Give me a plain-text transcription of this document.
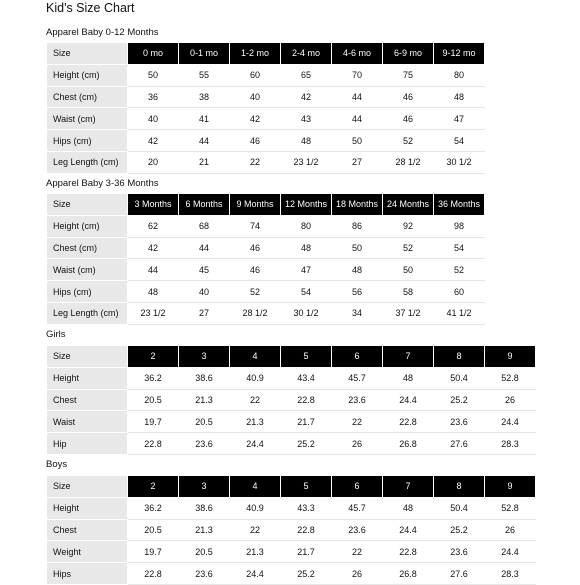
Kid's Size Chart
Apparel Baby 0-12 Months
Size	0 mo	0-1 mo	1-2 mo	2-4 mo	4-6 mo	6-9 mo	9-12 mo
Height (cm)	50	55	60	65	70	75	80
Chest (cm)	36	38	40	42	44	46	48
Waist (cm)	40	41	42	43	44	46	47
Hips (cm)	42	44	46	48	50	52	54
Leg Length (cm)	20	21	22	23 1/2	27	28 1/2	30 1/2
Apparel Baby 3-36 Months
Size	3 Months	6 Months	9 Months	12 Months	18 Months	24 Months	36 Months
Height (cm)	62	68	74	80	86	92	98
Chest (cm)	42	44	46	48	50	52	54
Waist (cm)	44	45	46	47	48	50	52
Hips (cm)	48	40	52	54	56	58	60
Leg Length (cm)	23 1/2	27	28 1/2	30 1/2	34	37 1/2	41 1/2
Girls
Size	2	3	4	5	6	7	8	9
Height	36.2	38.6	40.9	43.4	45.7	48	50.4	52.8
Chest	20.5	21.3	22	22.8	23.6	24.4	25.2	26
Waist	19.7	20.5	21.3	21.7	22	22.8	23.6	24.4
Hip	22.8	23.6	24.4	25.2	26	26.8	27.6	28.3
Boys
Size	2	3	4	5	6	7	8	9
Height	36.2	38.6	40.9	43.3	45.7	48	50.4	52.8
Chest	20.5	21.3	22	22.8	23.6	24.4	25.2	26
Weight	19.7	20.5	21.3	21.7	22	22.8	23.6	24.4
Hips	22.8	23.6	24.4	25.2	26	26.8	27.6	28.3
